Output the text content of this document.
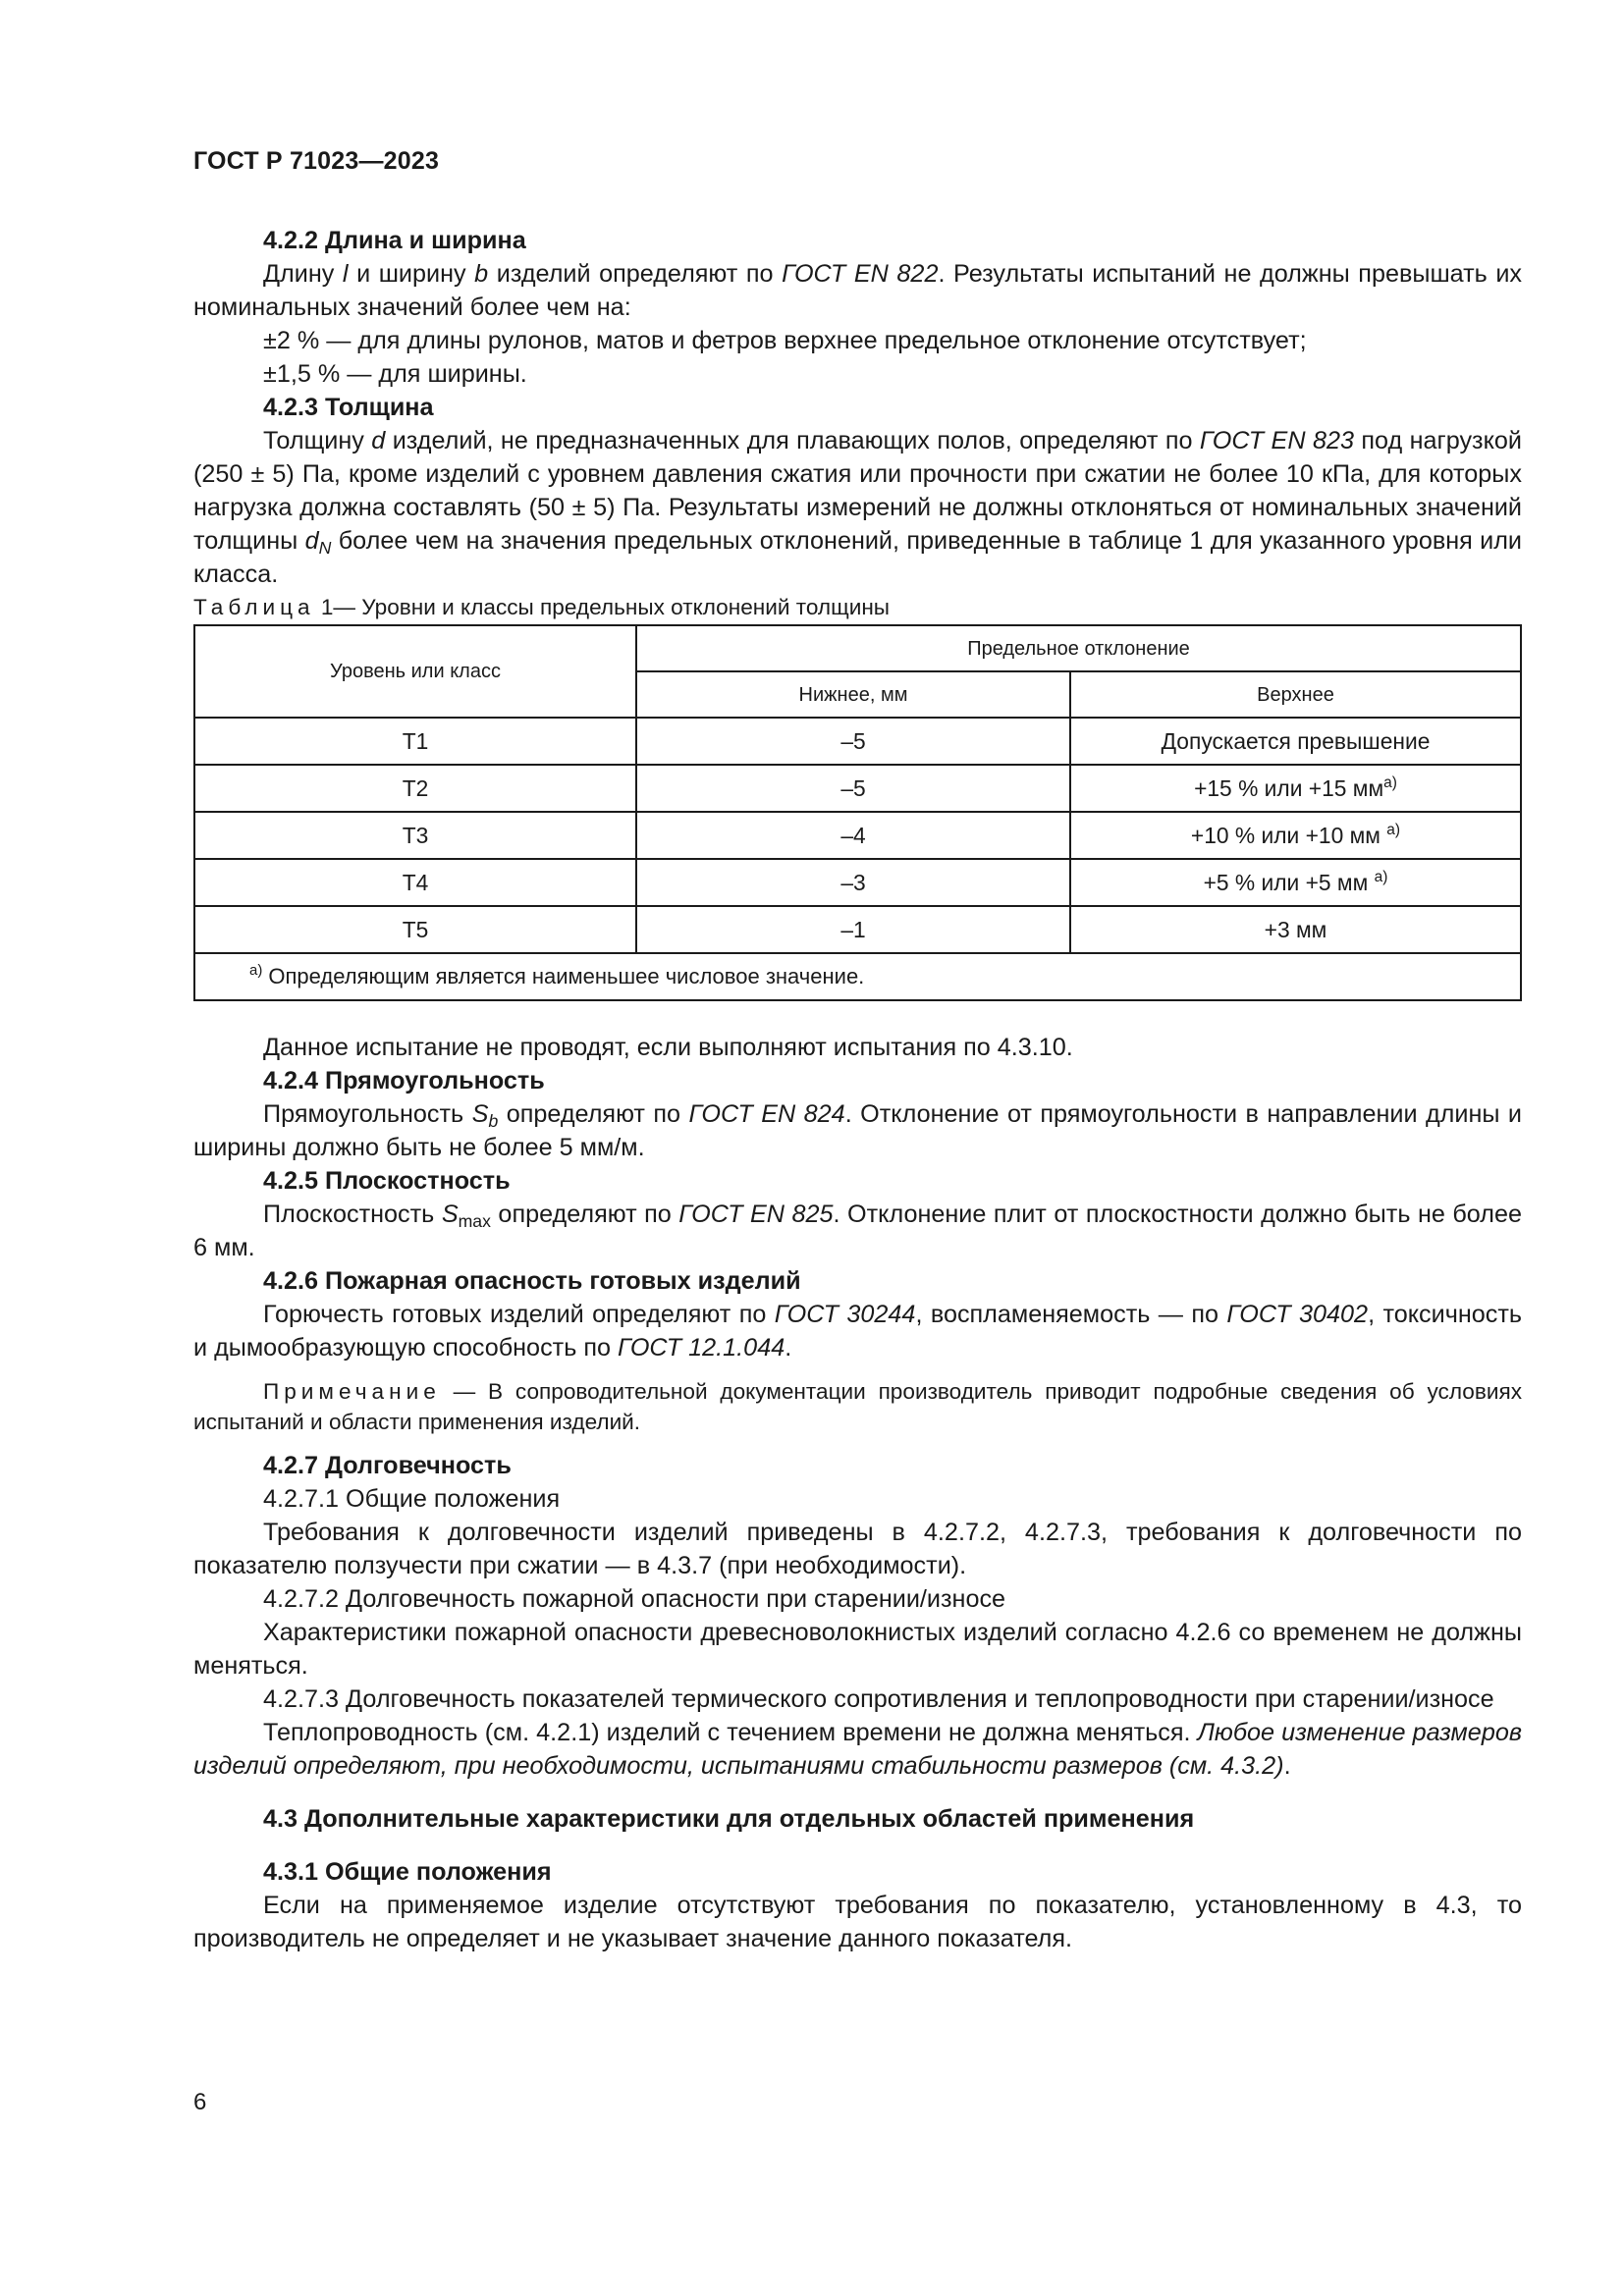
ГОСТ Р 71023—2023

4.2.2 Длина и ширина

Длину l и ширину b изделий определяют по ГОСТ EN 822. Результаты испытаний не должны превышать их номинальных значений более чем на:

±2 % — для длины рулонов, матов и фетров верхнее предельное отклонение отсутствует;

±1,5 % — для ширины.

4.2.3 Толщина

Толщину d изделий, не предназначенных для плавающих полов, определяют по ГОСТ EN 823 под нагрузкой (250 ± 5) Па, кроме изделий с уровнем давления сжатия или прочности при сжатии не более 10 кПа, для которых нагрузка должна составлять (50 ± 5) Па. Результаты измерений не должны отклоняться от номинальных значений толщины $d_N$ более чем на значения предельных отклонений, приведенные в таблице 1 для указанного уровня или класса.

Таблица 1— Уровни и классы предельных отклонений толщины

Уровень или класс	Предельное отклонение	
	Нижнее, мм	Верхнее
T1	–5	Допускается превышение
T2	–5	+15 % или +15 $мм^{а)}$
T3	–4	+10 % или +10 мм $^{а)}$
T4	–3	+5 % или +5 мм $^{а)}$
T5	–1	+3 мм
$^{а)}$ Определяющим является наименьшее числовое значение.		

Данное испытание не проводят, если выполняют испытания по 4.3.10.

4.2.4 Прямоугольность

Прямоугольность $S_b$ определяют по ГОСТ EN 824. Отклонение от прямоугольности в направлении длины и ширины должно быть не более 5 мм/м.

4.2.5 Плоскостность

Плоскостность $S_{max}$ определяют по ГОСТ EN 825. Отклонение плит от плоскостности должно быть не более 6 мм.

4.2.6 Пожарная опасность готовых изделий

Горючесть готовых изделий определяют по ГОСТ 30244, воспламеняемость — по ГОСТ 30402, токсичность и дымообразующую способность по ГОСТ 12.1.044.

Примечание — В сопроводительной документации производитель приводит подробные сведения об условиях испытаний и области применения изделий.

4.2.7 Долговечность

4.2.7.1 Общие положения

Требования к долговечности изделий приведены в 4.2.7.2, 4.2.7.3, требования к долговечности по показателю ползучести при сжатии — в 4.3.7 (при необходимости).

4.2.7.2 Долговечность пожарной опасности при старении/износе

Характеристики пожарной опасности древесноволокнистых изделий согласно 4.2.6 со временем не должны меняться.

4.2.7.3 Долговечность показателей термического сопротивления и теплопроводности при старении/износе

Теплопроводность (см. 4.2.1) изделий с течением времени не должна меняться. Любое изменение размеров изделий определяют, при необходимости, испытаниями стабильности размеров (см. 4.3.2).

4.3 Дополнительные характеристики для отдельных областей применения

4.3.1 Общие положения

Если на применяемое изделие отсутствуют требования по показателю, установленному в 4.3, то производитель не определяет и не указывает значение данного показателя.

6
